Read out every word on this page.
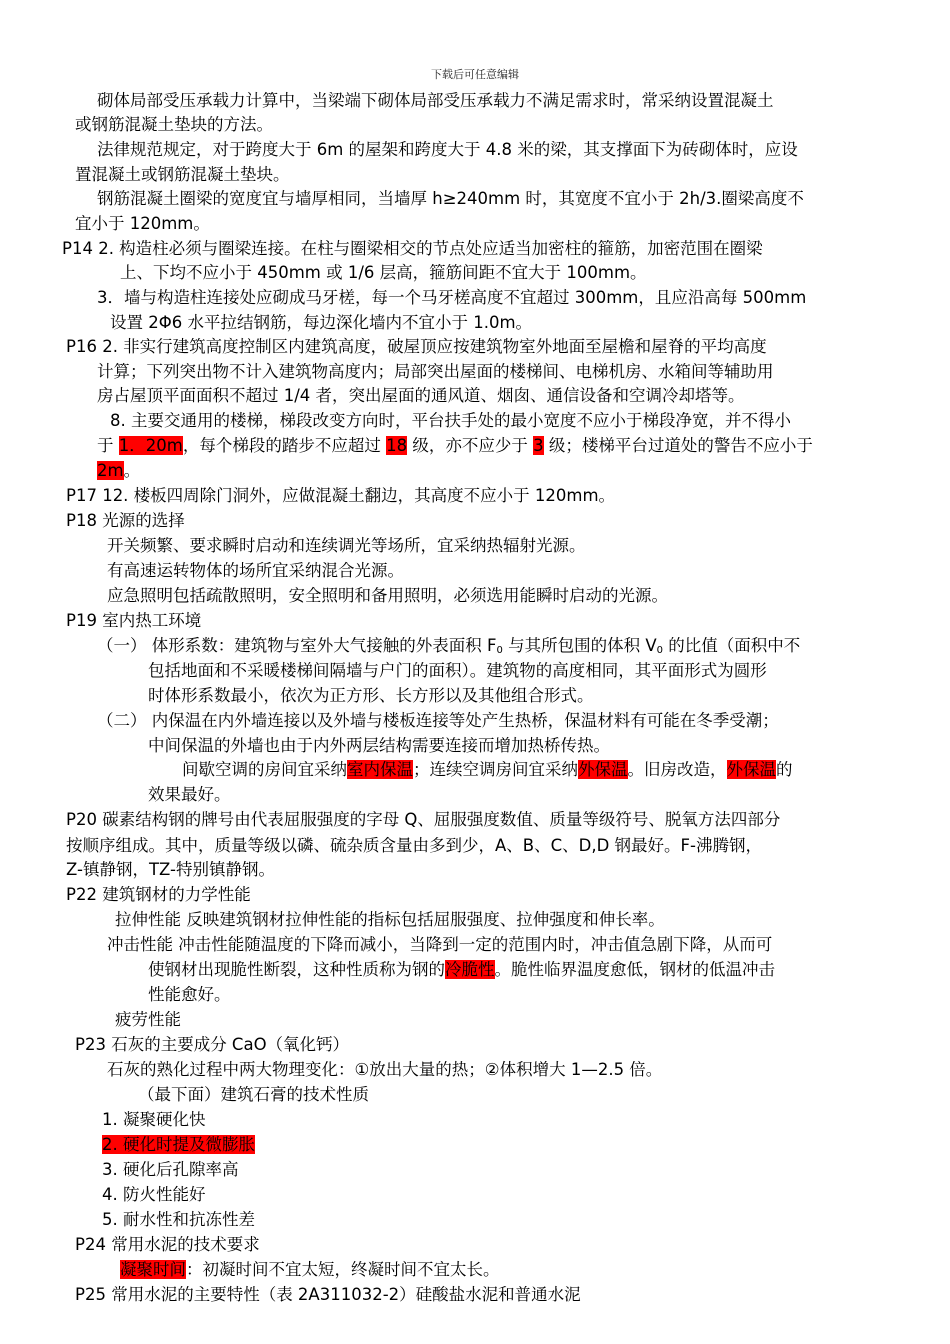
下载后可任意编辑
砌体局部受压承载力计算中，当梁端下砌体局部受压承载力不满足需求时，常采纳设置混凝土
或钢筋混凝土垫块的方法。
法律规范规定，对于跨度大于 6m 的屋架和跨度大于 4.8 米的梁，其支撑面下为砖砌体时，应设
置混凝土或钢筋混凝土垫块。
钢筋混凝土圈梁的宽度宜与墙厚相同，当墙厚 h≥240mm 时，其宽度不宜小于 2h/3.圈梁高度不
宜小于 120mm。
P14 2. 构造柱必须与圈梁连接。在柱与圈梁相交的节点处应适当加密柱的箍筋，加密范围在圈梁
上、下均不应小于 450mm 或 1/6 层高，箍筋间距不宜大于 100mm。
3．墙与构造柱连接处应砌成马牙槎，每一个马牙槎高度不宜超过 300mm，且应沿高每 500mm
设置 2Φ6 水平拉结钢筋，每边深化墙内不宜小于 1.0m。
P16 2. 非实行建筑高度控制区内建筑高度，破屋顶应按建筑物室外地面至屋檐和屋脊的平均高度
计算；下列突出物不计入建筑物高度内；局部突出屋面的楼梯间、电梯机房、水箱间等辅助用
房占屋顶平面面积不超过 1/4 者，突出屋面的通风道、烟囱、通信设备和空调冷却塔等。
8. 主要交通用的楼梯，梯段改变方向时，平台扶手处的最小宽度不应小于梯段净宽，并不得小
于 1．20m，每个梯段的踏步不应超过 18 级，亦不应少于 3 级；楼梯平台过道处的警告不应小于
2m。
P17 12. 楼板四周除门洞外，应做混凝土翻边，其高度不应小于 120mm。
P18 光源的选择
开关频繁、要求瞬时启动和连续调光等场所，宜采纳热辐射光源。
有高速运转物体的场所宜采纳混合光源。
应急照明包括疏散照明，安全照明和备用照明，必须选用能瞬时启动的光源。
P19 室内热工环境
（一） 体形系数：建筑物与室外大气接触的外表面积 $F_0$ 与其所包围的体积 $V_0$ 的比值（面积中不
包括地面和不采暖楼梯间隔墙与户门的面积）。建筑物的高度相同，其平面形式为圆形
时体形系数最小，依次为正方形、长方形以及其他组合形式。
（二） 内保温在内外墙连接以及外墙与楼板连接等处产生热桥，保温材料有可能在冬季受潮；
中间保温的外墙也由于内外两层结构需要连接而增加热桥传热。
间歇空调的房间宜采纳室内保温；连续空调房间宜采纳外保温。旧房改造，外保温的
效果最好。
P20 碳素结构钢的牌号由代表屈服强度的字母 Q、屈服强度数值、质量等级符号、脱氧方法四部分
按顺序组成。其中，质量等级以磷、硫杂质含量由多到少，A、B、C、D,D 钢最好。F-沸腾钢，
Z-镇静钢，TZ-特别镇静钢。
P22 建筑钢材的力学性能
拉伸性能 反映建筑钢材拉伸性能的指标包括屈服强度、拉伸强度和伸长率。
冲击性能 冲击性能随温度的下降而减小，当降到一定的范围内时，冲击值急剧下降，从而可
使钢材出现脆性断裂，这种性质称为钢的冷脆性。脆性临界温度愈低，钢材的低温冲击
性能愈好。
疲劳性能
P23 石灰的主要成分 CaO（氧化钙）
石灰的熟化过程中两大物理变化：①放出大量的热；②体积增大 1—2.5 倍。
（最下面）建筑石膏的技术性质
1. 凝聚硬化快
2. 硬化时提及微膨胀
3. 硬化后孔隙率高
4. 防火性能好
5. 耐水性和抗冻性差
P24 常用水泥的技术要求
凝聚时间：初凝时间不宜太短，终凝时间不宜太长。
P25 常用水泥的主要特性（表 2A311032-2）硅酸盐水泥和普通水泥
